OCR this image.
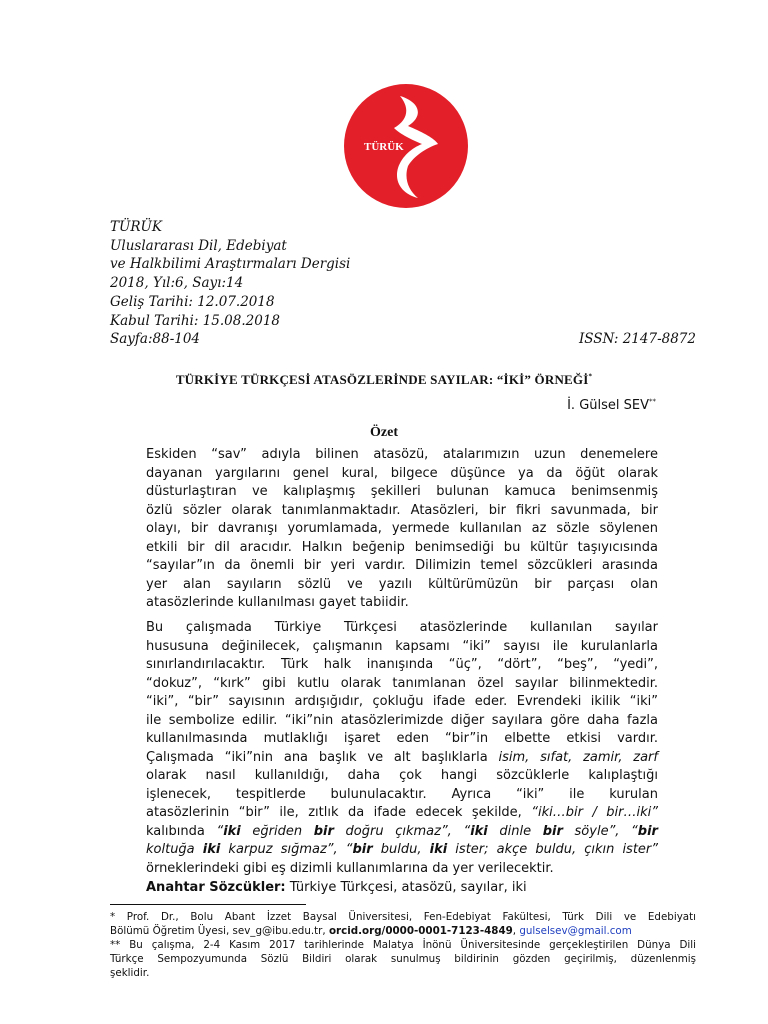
TÜRÜK
TÜRÜK
Uluslararası Dil, Edebiyat
ve Halkbilimi Araştırmaları Dergisi
2018, Yıl:6, Sayı:14
Geliş Tarihi: 12.07.2018
Kabul Tarihi: 15.08.2018
Sayfa:88-104	ISSN: 2147-8872
TÜRKİYE TÜRKÇESİ ATASÖZLERİNDE SAYILAR: “İKİ” ÖRNEĞİ*
İ. Gülsel SEV**
Özet
Eskiden “sav” adıyla bilinen atasözü, atalarımızın uzun denemelere
dayanan yargılarını genel kural, bilgece düşünce ya da öğüt olarak
düsturlaştıran ve kalıplaşmış şekilleri bulunan kamuca benimsenmiş
özlü sözler olarak tanımlanmaktadır. Atasözleri, bir fikri savunmada, bir
olayı, bir davranışı yorumlamada, yermede kullanılan az sözle söylenen
etkili bir dil aracıdır. Halkın beğenip benimsediği bu kültür taşıyıcısında
“sayılar”ın da önemli bir yeri vardır. Dilimizin temel sözcükleri arasında
yer alan sayıların sözlü ve yazılı kültürümüzün bir parçası olan
atasözlerinde kullanılması gayet tabiidir.
Bu çalışmada Türkiye Türkçesi atasözlerinde kullanılan sayılar
hususuna değinilecek, çalışmanın kapsamı “iki” sayısı ile kurulanlarla
sınırlandırılacaktır. Türk halk inanışında “üç”, “dört”, “beş”, “yedi”,
“dokuz”, “kırk” gibi kutlu olarak tanımlanan özel sayılar bilinmektedir.
“iki”, “bir” sayısının ardışığıdır, çokluğu ifade eder. Evrendeki ikilik “iki”
ile sembolize edilir. “iki”nin atasözlerimizde diğer sayılara göre daha fazla
kullanılmasında mutlaklığı işaret eden “bir”in elbette etkisi vardır.
Çalışmada “iki”nin ana başlık ve alt başlıklarla isim, sıfat, zamir, zarf
olarak nasıl kullanıldığı, daha çok hangi sözcüklerle kalıplaştığı
işlenecek, tespitlerde bulunulacaktır. Ayrıca “iki” ile kurulan
atasözlerinin “bir” ile, zıtlık da ifade edecek şekilde, “iki…bir / bir…iki”
kalıbında “iki eğriden bir doğru çıkmaz”, “iki dinle bir söyle”, “bir
koltuğa iki karpuz sığmaz”, “bir buldu, iki ister; akçe buldu, çıkın ister”
örneklerindeki gibi eş dizimli kullanımlarına da yer verilecektir.
Anahtar Sözcükler: Türkiye Türkçesi, atasözü, sayılar, iki
* Prof. Dr., Bolu Abant İzzet Baysal Üniversitesi, Fen-Edebiyat Fakültesi, Türk Dili ve Edebiyatı
Bölümü Öğretim Üyesi, sev_g@ibu.edu.tr, orcid.org/0000-0001-7123-4849, gulselsev@gmail.com
** Bu çalışma, 2-4 Kasım 2017 tarihlerinde Malatya İnönü Üniversitesinde gerçekleştirilen Dünya Dili
Türkçe Sempozyumunda Sözlü Bildiri olarak sunulmuş bildirinin gözden geçirilmiş, düzenlenmiş
şeklidir.
